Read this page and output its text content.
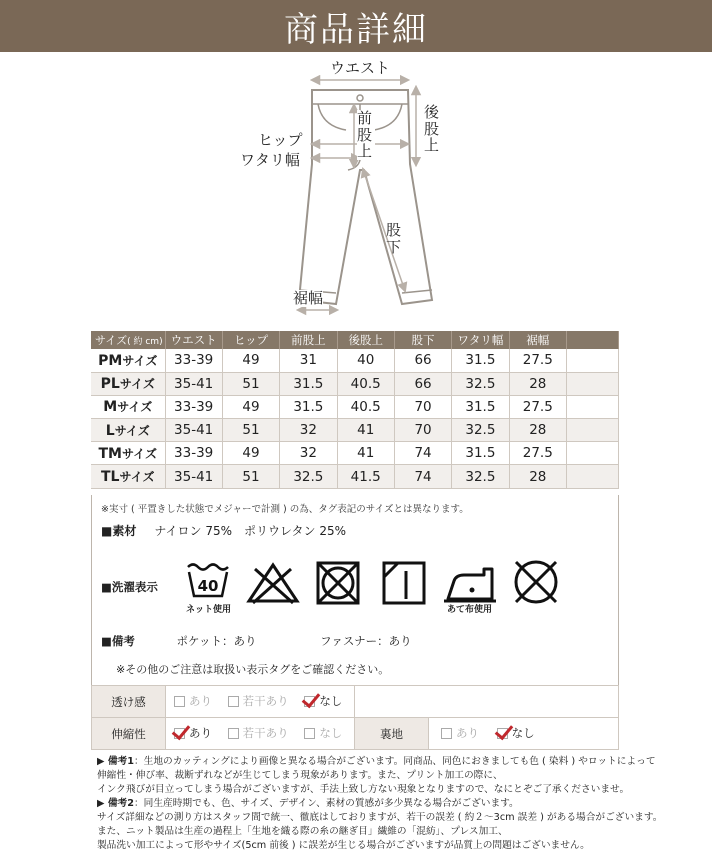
商品詳細
ウエスト
後
股
上
前
股
上
ヒップ
ワタリ幅
股
下
裾幅
サイズ( 約 cm)	ウエスト	ヒップ	前股上	後股上	股下	ワタリ幅	裾幅	
PMサイズ	33-39	49	31	40	66	31.5	27.5	
PLサイズ	35-41	51	31.5	40.5	66	32.5	28	
Mサイズ	33-39	49	31.5	40.5	70	31.5	27.5	
Lサイズ	35-41	51	32	41	70	32.5	28	
TMサイズ	33-39	49	32	41	74	31.5	27.5	
TLサイズ	35-41	51	32.5	41.5	74	32.5	28	
※実寸 ( 平置きした状態でメジャーで計測 ) の為、タグ表記のサイズとは異なります。
■素材 ナイロン 75%　ポリウレタン 25%
■洗濯表示	40
ネット使用	あて布使用
■備考	ポケット：あり	ファスナー：あり
※その他のご注意は取扱い表示タグをご確認ください。
透け感	あり
若干あり
なし		

伸縮性	あり
若干あり
なし	裏地	あり
なし

▶ 備考1：生地のカッティングにより画像と異なる場合がございます。同商品、同色におきましても色 ( 染料 ) やロットによって

伸縮性・伸び率、裁断ずれなどが生じてしまう現象があります。また、プリント加工の際に、

インク飛びが目立ってしまう場合がございますが、手法上致し方ない現象となりますので、なにとぞご了承くださいませ。

▶ 備考2：同生産時期でも、色、サイズ、デザイン、素材の質感が多少異なる場合がございます。

サイズ詳細などの測り方はスタッフ間で統一、徹底はしておりますが、若干の誤差 ( 約２～3cm 誤差 ) がある場合がございます。

また、ニット製品は生産の過程上「生地を織る際の糸の継ぎ目」繊維の「混紡」、プレス加工、

製品洗い加工によって形やサイズ(5cm 前後 ) に誤差が生じる場合がございますが品質上の問題はございません。
